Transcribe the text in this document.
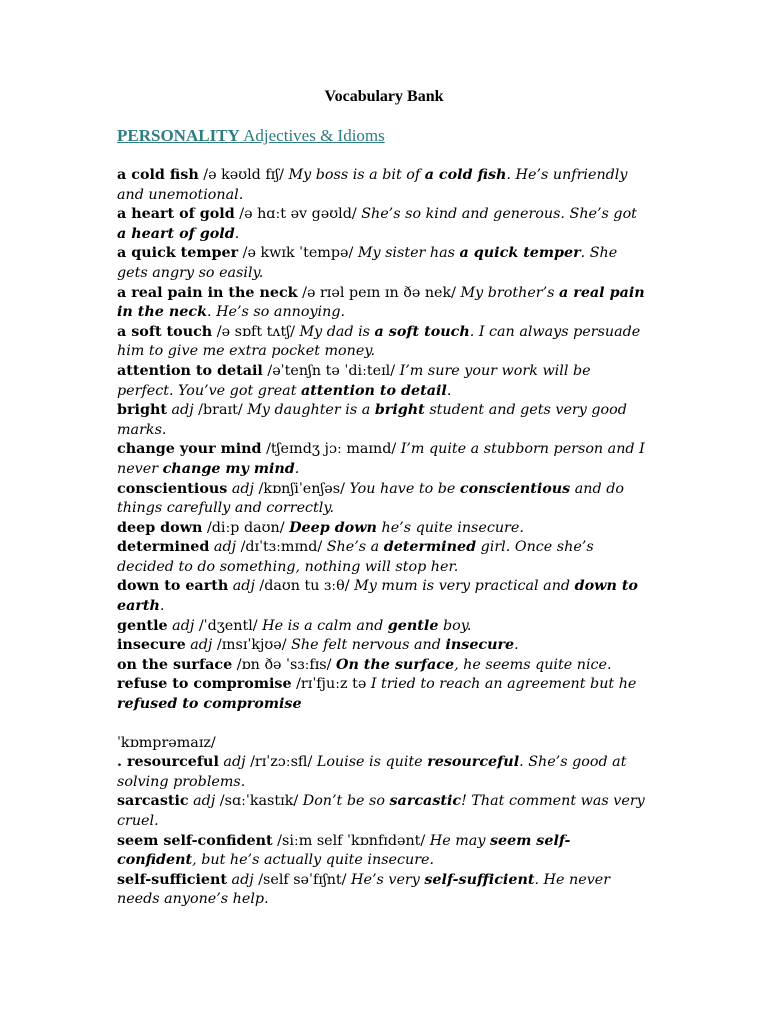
Vocabulary Bank
PERSONALITY Adjectives & Idioms

a cold fish /ə kəʊld fɪʃ/ My boss is a bit of a cold fish. He’s unfriendly and unemotional.

a heart of gold /ə hɑːt əv gəʊld/ She’s so kind and generous. She’s got a heart of gold.

a quick temper /ə kwɪk ˈtempə/ My sister has a quick temper. She gets angry so easily.

a real pain in the neck /ə rɪəl peɪn ɪn ðə nek/ My brother’s a real pain in the neck. He’s so annoying.

a soft touch /ə sɒft tʌtʃ/ My dad is a soft touch. I can always persuade him to give me extra pocket money.

attention to detail /əˈtenʃn tə ˈdiːteɪl/ I’m sure your work will be perfect. You’ve got great attention to detail.

bright adj /braɪt/ My daughter is a bright student and gets very good marks.

change your mind /tʃeɪndʒ jɔː maɪnd/ I’m quite a stubborn person and I never change my mind.

conscientious adj /kɒnʃiˈenʃəs/ You have to be conscientious and do things carefully and correctly.

deep down /diːp daʊn/ Deep down he’s quite insecure.

determined adj /dɪˈtɜːmɪnd/ She’s a determined girl. Once she’s decided to do something, nothing will stop her.

down to earth adj /daʊn tu ɜːθ/ My mum is very practical and down to earth.

gentle adj /ˈdʒentl/ He is a calm and gentle boy.

insecure adj /ɪnsɪˈkjʊə/ She felt nervous and insecure.

on the surface /ɒn ðə ˈsɜːfɪs/ On the surface, he seems quite nice.

refuse to compromise /rɪˈfjuːz tə I tried to reach an agreement but he refused to compromise

ˈkɒmprəmaɪz/

. resourceful adj /rɪˈzɔːsfl/ Louise is quite resourceful. She’s good at solving problems.

sarcastic adj /sɑːˈkastɪk/ Don’t be so sarcastic! That comment was very cruel.

seem self-confident /siːm self ˈkɒnfɪdənt/ He may seem self-confident, but he’s actually quite insecure.

self-sufficient adj /self səˈfɪʃnt/ He’s very self-sufficient. He never needs anyone’s help.
